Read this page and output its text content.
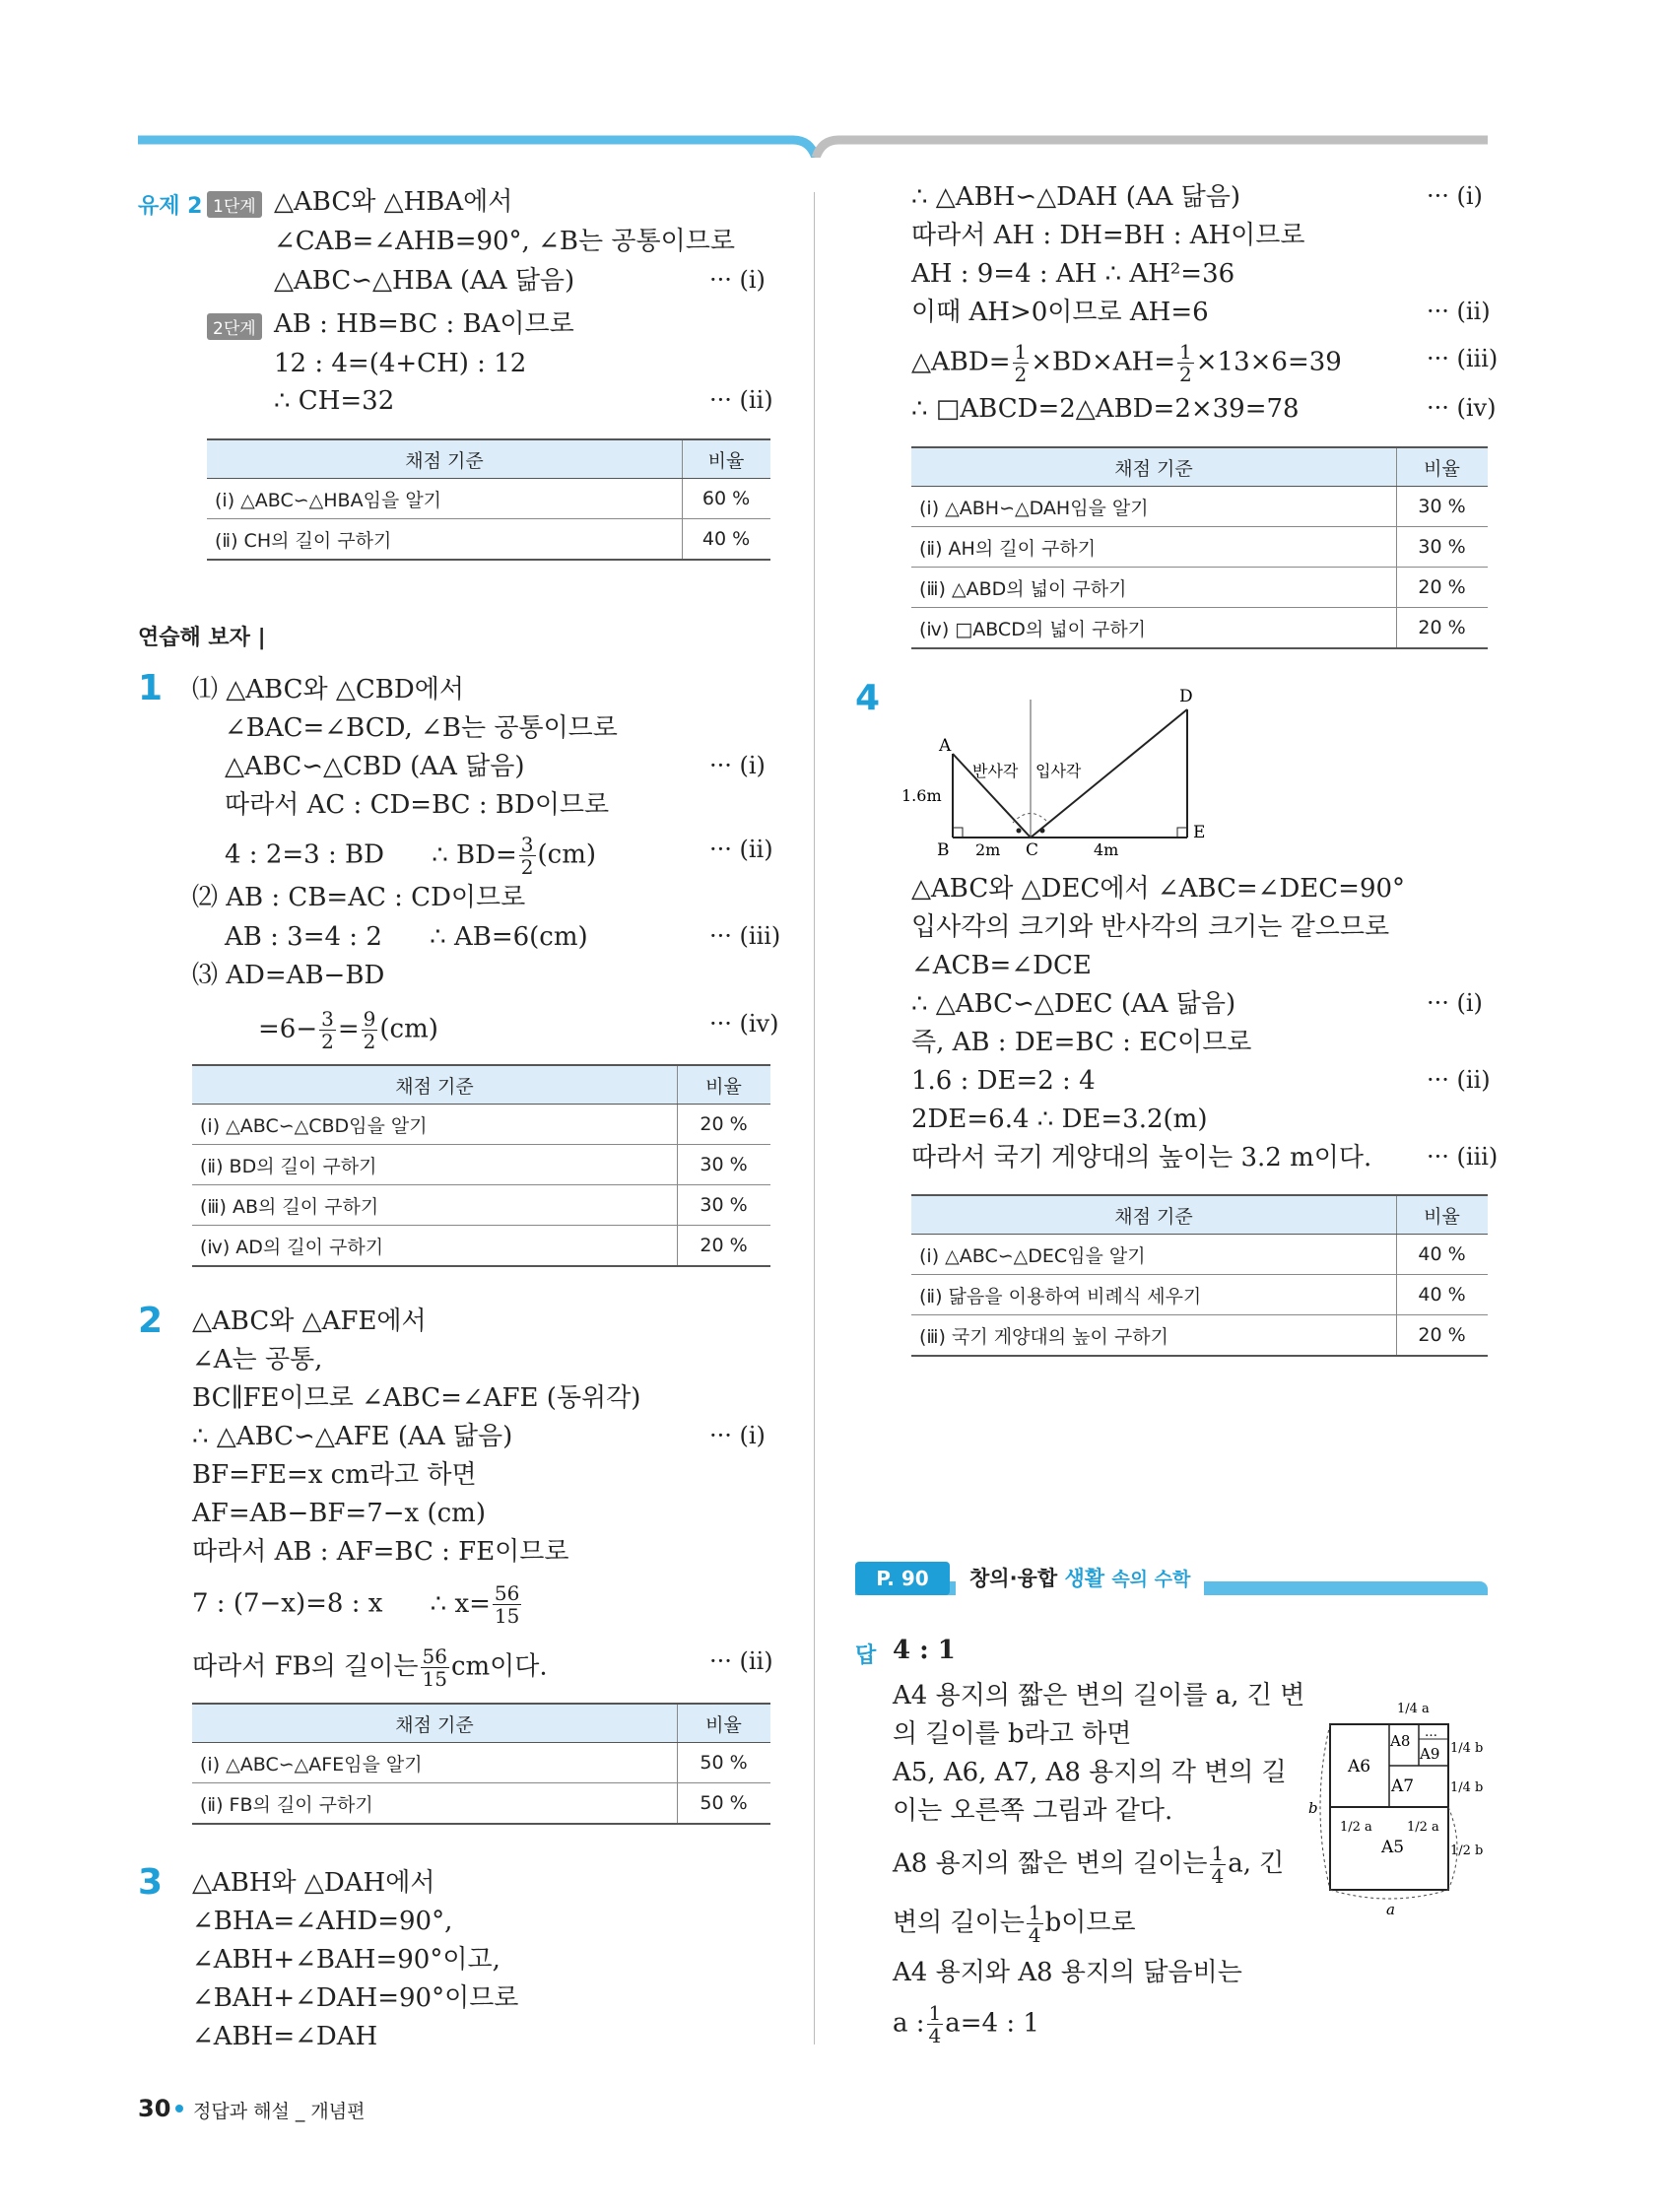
유제 2 1단계 △ABC와 △HBA에서
∠CAB=∠AHB=90°, ∠B는 공통이므로
△ABC∽△HBA (AA 닮음)	··· (ⅰ)
2단계 AB : HB=BC : BA이므로
12 : 4=(4+CH) : 12
∴ CH=32	··· (ⅱ)
채점 기준	비율
(ⅰ) △ABC∽△HBA임을 알기	60 %
(ⅱ) CH의 길이 구하기	40 %
연습해 보자 |
1 ⑴ △ABC와 △CBD에서
∠BAC=∠BCD, ∠B는 공통이므로
△ABC∽△CBD (AA 닮음)	··· (ⅰ)
따라서 AC : CD=BC : BD이므로
4 : 2=3 : BD ∴ $BD= \frac{3}{2} (cm)$	··· (ⅱ)
⑵ AB : CB=AC : CD이므로
AB : 3=4 : 2 ∴ AB=6(cm)	··· (ⅲ)
⑶ AD=AB−BD
$=6- \frac{3}{2} = \frac{9}{2} (cm)$	··· (ⅳ)
채점 기준	비율
(ⅰ) △ABC∽△CBD임을 알기	20 %
(ⅱ) BD의 길이 구하기	30 %
(ⅲ) AB의 길이 구하기	30 %
(ⅳ) AD의 길이 구하기	20 %
2 △ABC와 △AFE에서
∠A는 공통,
BC∥FE이므로 ∠ABC=∠AFE (동위각)
∴ △ABC∽△AFE (AA 닮음)	··· (ⅰ)
BF=FE=x cm라고 하면
AF=AB−BF=7−x (cm)
따라서 AB : AF=BC : FE이므로
7 : (7−x)=8 : x ∴ $x= \frac{56}{15}$
따라서 FB의 길이는 $\frac{56}{15}$ cm이다.	··· (ⅱ)
채점 기준	비율
(ⅰ) △ABC∽△AFE임을 알기	50 %
(ⅱ) FB의 길이 구하기	50 %
3 △ABH와 △DAH에서
∠BHA=∠AHD=90°,
∠ABH+∠BAH=90°이고,
∠BAH+∠DAH=90°이므로
∠ABH=∠DAH
∴ △ABH∽△DAH (AA 닮음)	··· (ⅰ)
따라서 AH : DH=BH : AH이므로
AH : 9=4 : AH ∴ AH²=36
이때 AH>0이므로 AH=6	··· (ⅱ)
△ABD= $\frac{1}{2} \times BD\times AH= \frac{1}{2} \times 13\times 6=39$	··· (ⅲ)
∴ □ABCD=2△ABD=2×39=78	··· (ⅳ)
채점 기준	비율
(ⅰ) △ABH∽△DAH임을 알기	30 %
(ⅱ) AH의 길이 구하기	30 %
(ⅲ) △ABD의 넓이 구하기	20 %
(ⅳ) □ABCD의 넓이 구하기	20 %
4
A
B	C
D
E
1.6m
2m	4m
반사각 입사각
△ABC와 △DEC에서 ∠ABC=∠DEC=90°
입사각의 크기와 반사각의 크기는 같으므로
∠ACB=∠DCE
∴ △ABC∽△DEC (AA 닮음)	··· (ⅰ)
즉, AB : DE=BC : EC이므로
1.6 : DE=2 : 4	··· (ⅱ)
2DE=6.4 ∴ DE=3.2(m)
따라서 국기 게양대의 높이는 3.2 m이다. ··· (ⅲ)
채점 기준	비율
(ⅰ) △ABC∽△DEC임을 알기	40 %
(ⅱ) 닮음을 이용하여 비례식 세우기	40 %
(ⅲ) 국기 게양대의 높이 구하기	20 %
P. 90	창의·융합 생활 속의 수학
답 4 : 1
A4 용지의 짧은 변의 길이를 a, 긴 변
의 길이를 b라고 하면
A5, A6, A7, A8 용지의 각 변의 길
이는 오른쪽 그림과 같다.
A8 용지의 짧은 변의 길이는 $\frac{1}{4} a$, 긴
변의 길이는 $\frac{1}{4}$ b이므로
A4 용지와 A8 용지의 닮음비는
a : $\frac{1}{4} a=4$ : 1
A6
A7
A8
A9
…
A5
a
b
1/4 a
1/4 b
1/4 b
1/2 a	1/2 a
1/2 b
30 정답과 해설 _ 개념편
